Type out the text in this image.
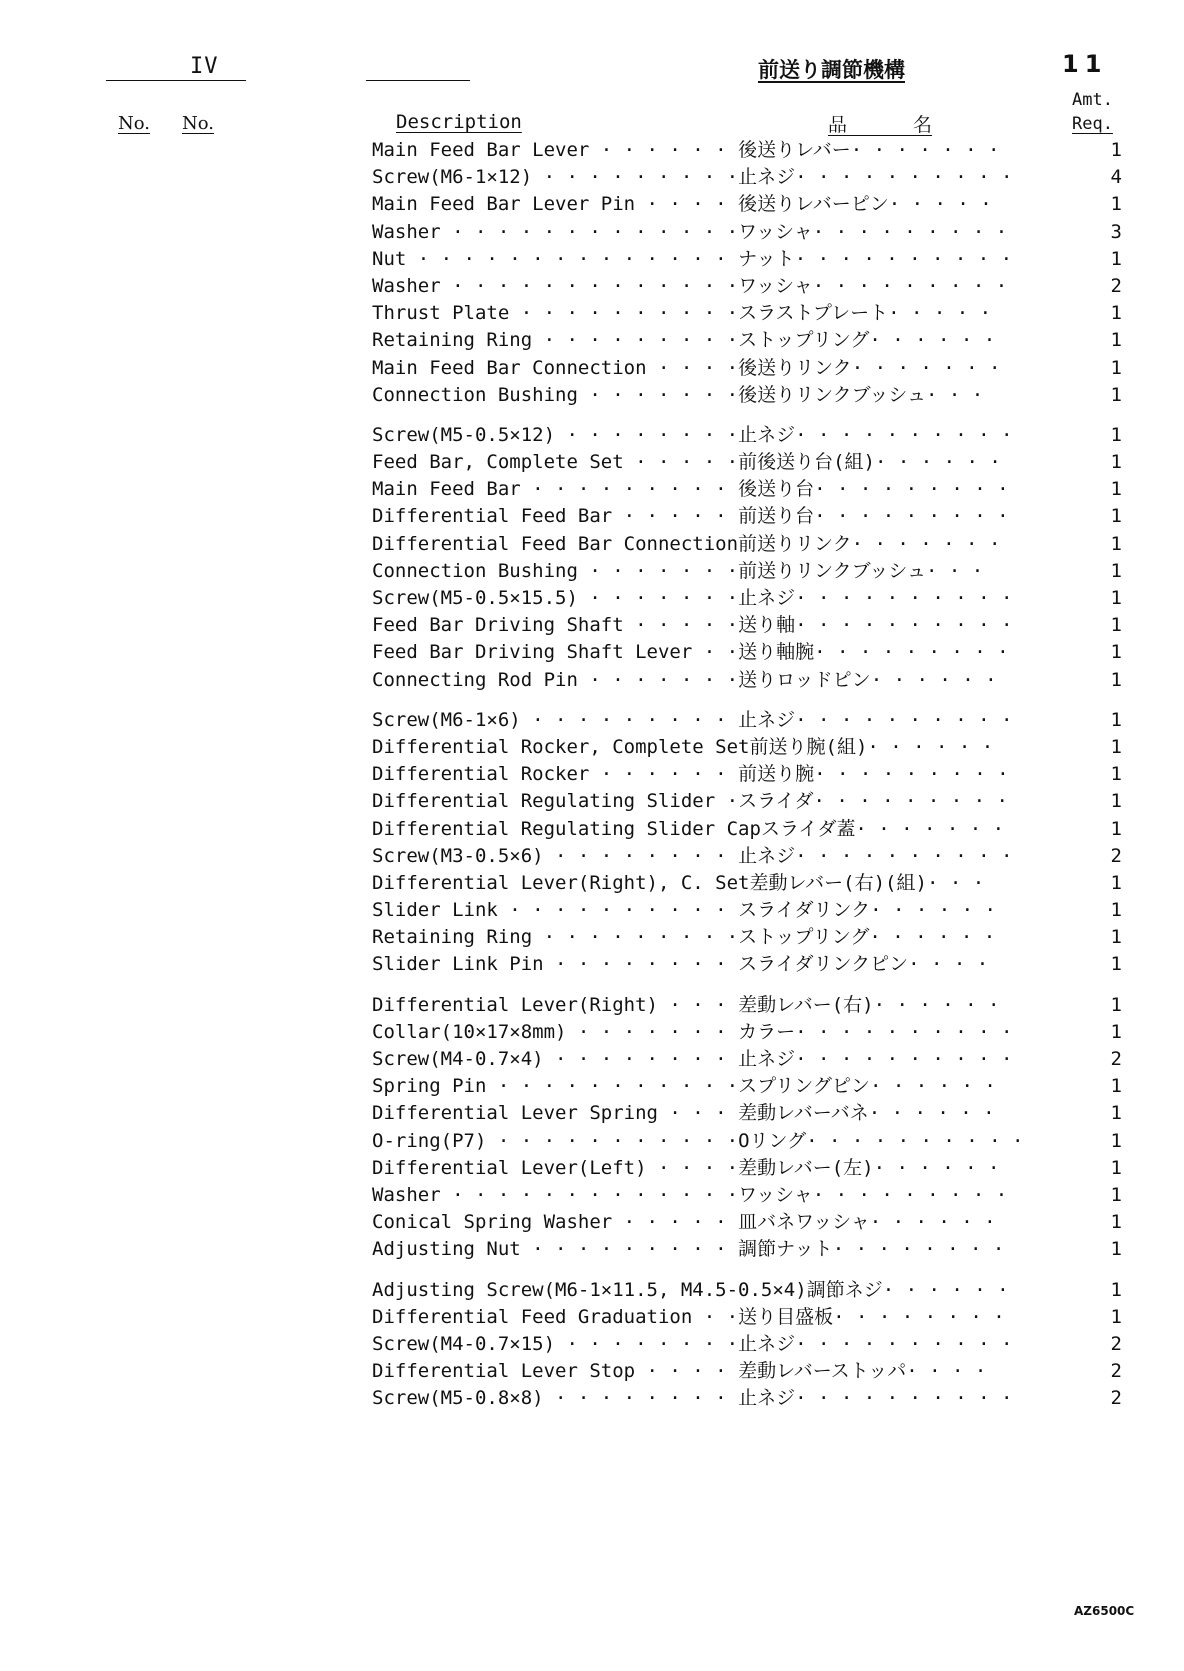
IV	前送り調節機構	11
No. No.	Description	品 名
Amt.
Req.
Main Feed Bar Lever · · · · · · 後送りレバー· · · · · · ·	1
Screw(M6-1×12) · · · · · · · · ·止ネジ· · · · · · · · · ·	4
Main Feed Bar Lever Pin · · · · 後送りレバーピン· · · · ·	1
Washer · · · · · · · · · · · · ·ワッシャ· · · · · · · · ·	3
Nut · · · · · · · · · · · · · · ナット· · · · · · · · · ·	1
Washer · · · · · · · · · · · · ·ワッシャ· · · · · · · · ·	2
Thrust Plate · · · · · · · · · ·スラストプレート· · · · ·	1
Retaining Ring · · · · · · · · ·ストップリング· · · · · ·	1
Main Feed Bar Connection · · · ·後送りリンク· · · · · · ·	1
Connection Bushing · · · · · · ·後送りリンクブッシュ· · ·	1
Screw(M5-0.5×12) · · · · · · · ·止ネジ· · · · · · · · · ·	1
Feed Bar, Complete Set · · · · ·前後送り台(組)· · · · · ·	1
Main Feed Bar · · · · · · · · · 後送り台· · · · · · · · ·	1
Differential Feed Bar · · · · · 前送り台· · · · · · · · ·	1
Differential Feed Bar Connection前送りリンク· · · · · · ·	1
Connection Bushing · · · · · · ·前送りリンクブッシュ· · ·	1
Screw(M5-0.5×15.5) · · · · · · ·止ネジ· · · · · · · · · ·	1
Feed Bar Driving Shaft · · · · ·送り軸· · · · · · · · · ·	1
Feed Bar Driving Shaft Lever · ·送り軸腕· · · · · · · · ·	1
Connecting Rod Pin · · · · · · ·送りロッドピン· · · · · ·	1
Screw(M6-1×6) · · · · · · · · · 止ネジ· · · · · · · · · ·	1
Differential Rocker, Complete Set前送り腕(組)· · · · · ·	1
Differential Rocker · · · · · · 前送り腕· · · · · · · · ·	1
Differential Regulating Slider ·スライダ· · · · · · · · ·	1
Differential Regulating Slider Capスライダ蓋· · · · · · ·	1
Screw(M3-0.5×6) · · · · · · · · 止ネジ· · · · · · · · · ·	2
Differential Lever(Right), C. Set差動レバー(右)(組)· · ·	1
Slider Link · · · · · · · · · · スライダリンク· · · · · ·	1
Retaining Ring · · · · · · · · ·ストップリング· · · · · ·	1
Slider Link Pin · · · · · · · · スライダリンクピン· · · ·	1
Differential Lever(Right) · · · 差動レバー(右)· · · · · ·	1
Collar(10×17×8mm) · · · · · · · カラー· · · · · · · · · ·	1
Screw(M4-0.7×4) · · · · · · · · 止ネジ· · · · · · · · · ·	2
Spring Pin · · · · · · · · · · ·スプリングピン· · · · · ·	1
Differential Lever Spring · · · 差動レバーバネ· · · · · ·	1
O-ring(P7) · · · · · · · · · · ·Oリング· · · · · · · · · ·	1
Differential Lever(Left) · · · ·差動レバー(左)· · · · · ·	1
Washer · · · · · · · · · · · · ·ワッシャ· · · · · · · · ·	1
Conical Spring Washer · · · · · 皿バネワッシャ· · · · · ·	1
Adjusting Nut · · · · · · · · · 調節ナット· · · · · · · ·	1
Adjusting Screw(M6-1×11.5, M4.5-0.5×4)調節ネジ· · · · · ·	1
Differential Feed Graduation · ·送り目盛板· · · · · · · ·	1
Screw(M4-0.7×15) · · · · · · · ·止ネジ· · · · · · · · · ·	2
Differential Lever Stop · · · · 差動レバーストッパ· · · ·	2
Screw(M5-0.8×8) · · · · · · · · 止ネジ· · · · · · · · · ·	2
AZ6500C
